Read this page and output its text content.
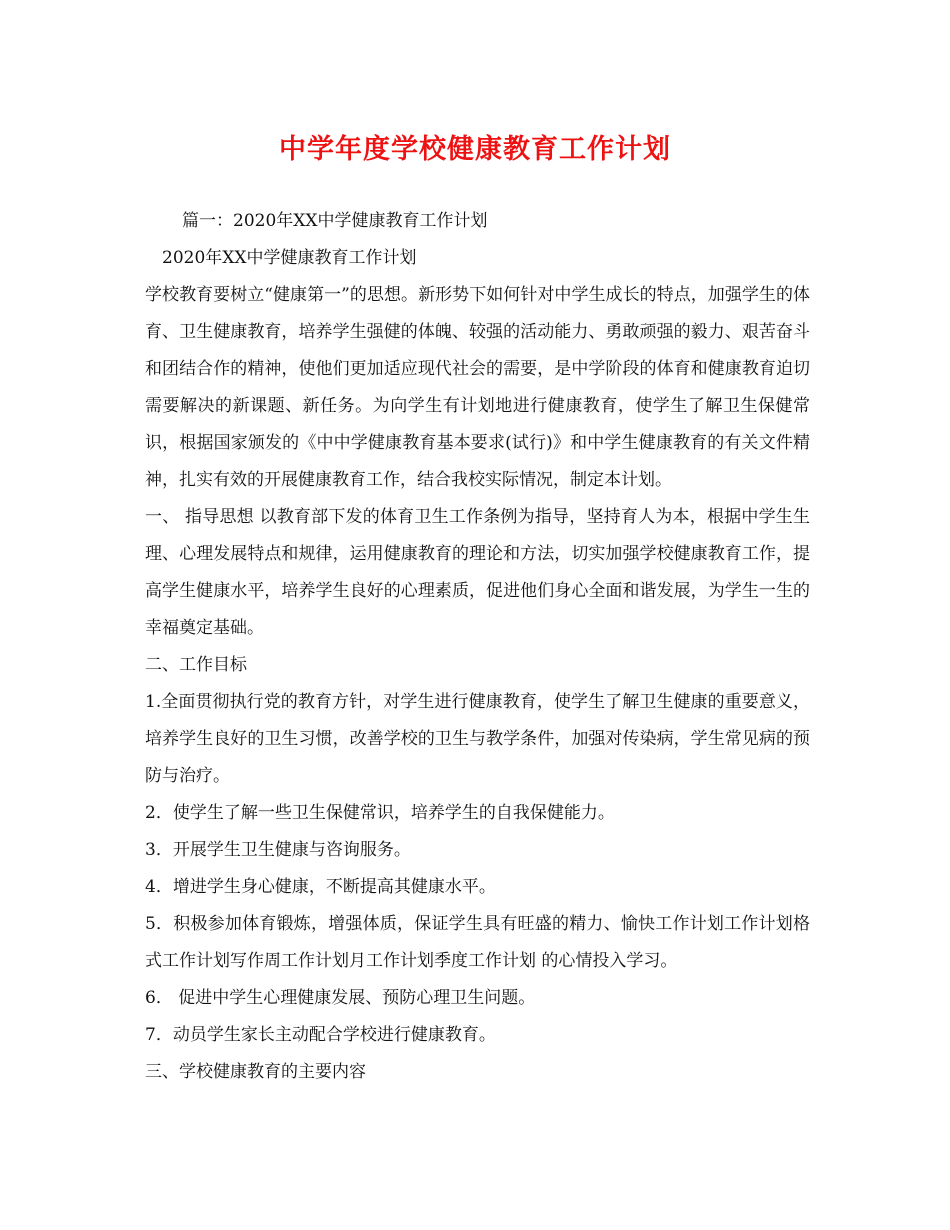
中学年度学校健康教育工作计划

篇一：2020年XX中学健康教育工作计划

2020年XX中学健康教育工作计划

学校教育要树立“健康第一”的思想。新形势下如何针对中学生成长的特点，加强学生的体育、卫生健康教育，培养学生强健的体魄、较强的活动能力、勇敢顽强的毅力、艰苦奋斗和团结合作的精神，使他们更加适应现代社会的需要，是中学阶段的体育和健康教育迫切需要解决的新课题、新任务。为向学生有计划地进行健康教育，使学生了解卫生保健常识，根据国家颁发的《中中学健康教育基本要求(试行)》和中学生健康教育的有关文件精神，扎实有效的开展健康教育工作，结合我校实际情况，制定本计划。

一、 指导思想 以教育部下发的体育卫生工作条例为指导，坚持育人为本，根据中学生生理、心理发展特点和规律，运用健康教育的理论和方法，切实加强学校健康教育工作，提高学生健康水平，培养学生良好的心理素质，促进他们身心全面和谐发展，为学生一生的幸福奠定基础。

二、工作目标

1.全面贯彻执行党的教育方针，对学生进行健康教育，使学生了解卫生健康的重要意义，培养学生良好的卫生习惯，改善学校的卫生与教学条件，加强对传染病，学生常见病的预防与治疗。

2．使学生了解一些卫生保健常识，培养学生的自我保健能力。

3．开展学生卫生健康与咨询服务。

4．增进学生身心健康，不断提高其健康水平。

5．积极参加体育锻炼，增强体质，保证学生具有旺盛的精力、愉快工作计划工作计划格式工作计划写作周工作计划月工作计划季度工作计划 的心情投入学习。

6． 促进中学生心理健康发展、预防心理卫生问题。

7．动员学生家长主动配合学校进行健康教育。

三、学校健康教育的主要内容
